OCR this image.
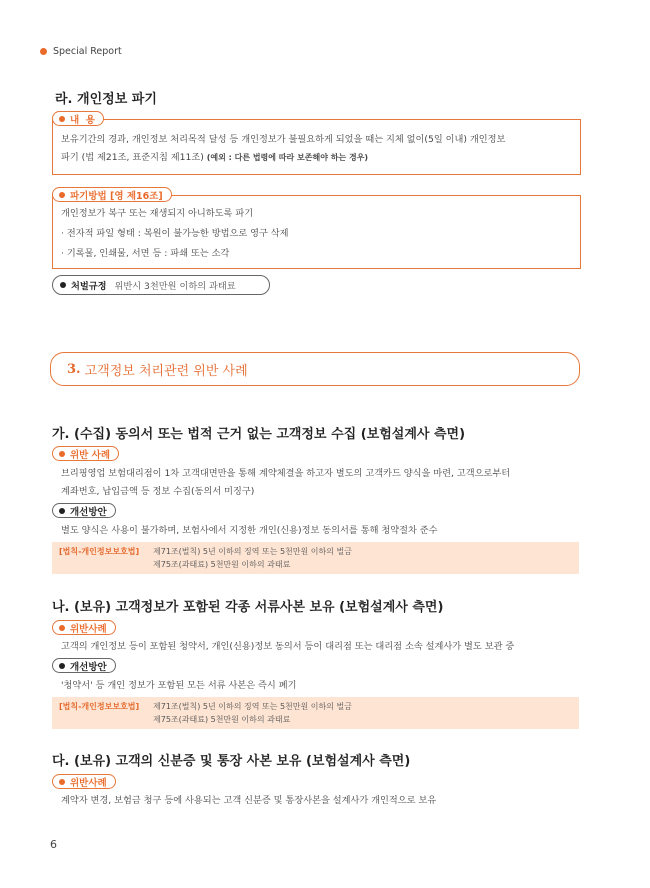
Special Report
라. 개인정보 파기
내  용
보유기간의 경과, 개인정보 처리목적 달성 등 개인정보가 불필요하게 되었을 때는 지체 없이(5일 이내) 개인정보
파기 (법 제21조, 표준지침 제11조) (예외 : 다른 법령에 따라 보존해야 하는 경우)
파기방법 [영 제16조]
개인정보가 복구 또는 재생되지 아니하도록 파기
· 전자적 파일 형태 : 복원이 불가능한 방법으로 영구 삭제
· 기록물, 인쇄물, 서면 등 : 파쇄 또는 소각
처벌규정 위반시 3천만원 이하의 과태료
3. 고객정보 처리관련 위반 사례
가. (수집) 동의서 또는 법적 근거 없는 고객정보 수집 (보험설계사 측면)
위반 사례
브리핑영업 보험대리점이 1차 고객대면만을 통해 계약체결을 하고자 별도의 고객카드 양식을 마련, 고객으로부터
계좌번호, 납입금액 등 정보 수집(동의서 미징구)
개선방안
별도 양식은 사용이 불가하며, 보험사에서 지정한 개인(신용)정보 동의서를 통해 청약절차 준수
[법칙-개인정보보호법] 제71조(벌칙) 5년 이하의 징역 또는 5천만원 이하의 벌금
제75조(과태료) 5천만원 이하의 과태료
나. (보유) 고객정보가 포함된 각종 서류사본 보유 (보험설계사 측면)
위반사례
고객의 개인정보 등이 포함된 청약서, 개인(신용)정보 동의서 등이 대리점 또는 대리점 소속 설계사가 별도 보관 중
개선방안
'청약서' 등 개인 정보가 포함된 모든 서류 사본은 즉시 폐기
[법칙-개인정보보호법] 제71조(벌칙) 5년 이하의 징역 또는 5천만원 이하의 벌금
제75조(과태료) 5천만원 이하의 과태료
다. (보유) 고객의 신분증 및 통장 사본 보유 (보험설계사 측면)
위반사례
계약자 변경, 보험금 청구 등에 사용되는 고객 신분증 및 통장사본을 설계사가 개인적으로 보유
6
